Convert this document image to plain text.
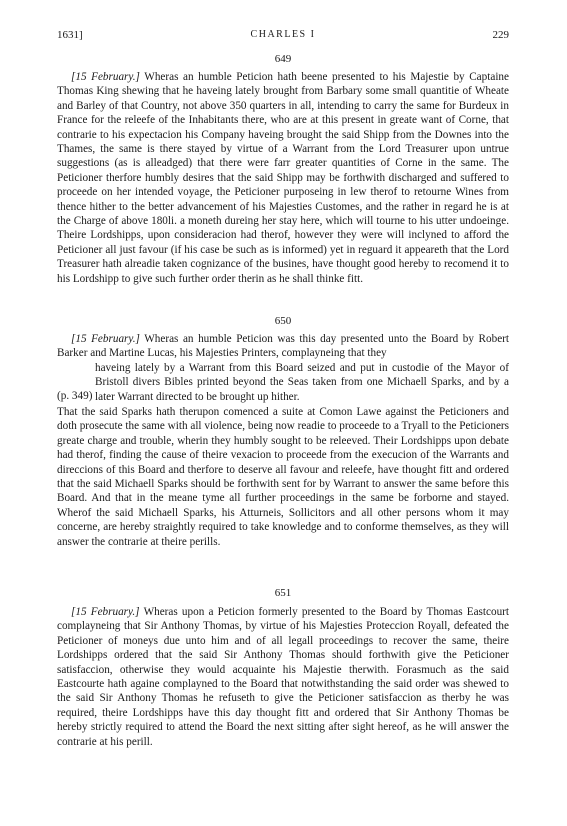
1631]	CHARLES I	229
649

[15 February.] Wheras an humble Peticion hath beene presented to his Majestie by Captaine Thomas King shewing that he haveing lately brought from Barbary some small quantitie of Wheate and Barley of that Country, not above 350 quarters in all, intending to carry the same for Burdeux in France for the releefe of the Inhabitants there, who are at this present in greate want of Corne, that contrarie to his expectacion his Company haveing brought the said Shipp from the Downes into the Thames, the same is there stayed by virtue of a Warrant from the Lord Treasurer upon untrue suggestions (as is alleadged) that there were farr greater quantities of Corne in the same. The Peticioner therfore humbly desires that the said Shipp may be forthwith discharged and suffered to proceede on her intended voyage, the Peticioner purposeing in lew therof to retourne Wines from thence hither to the better advancement of his Majesties Customes, and the rather in regard he is at the Charge of above 180li. a moneth dureing her stay here, which will tourne to his utter undoeinge. Theire Lordshipps, upon consideracion had therof, however they were will inclyned to afford the Peticioner all just favour (if his case be such as is informed) yet in reguard it appeareth that the Lord Treasurer hath alreadie taken cognizance of the busines, have thought good hereby to recomend it to his Lordshipp to give such further order therin as he shall thinke fitt.

650

[15 February.] Wheras an humble Peticion was this day presented unto the Board by Robert Barker and Martine Lucas, his Majesties Printers, complayneing that they

(p. 349)

haveing lately by a Warrant from this Board seized and put in custodie of the Mayor of Bristoll divers Bibles printed beyond the Seas taken from one Michaell Sparks, and by a later Warrant directed to be brought up hither.

That the said Sparks hath therupon comenced a suite at Comon Lawe against the Peticioners and doth prosecute the same with all violence, being now readie to proceede to a Tryall to the Peticioners greate charge and trouble, wherin they humbly sought to be releeved. Their Lordshipps upon debate had therof, finding the cause of theire vexacion to proceede from the execucion of the Warrants and direccions of this Board and therfore to deserve all favour and releefe, have thought fitt and ordered that the said Michaell Sparks should be forthwith sent for by Warrant to answer the same before this Board. And that in the meane tyme all further proceedings in the same be forborne and stayed. Wherof the said Michaell Sparks, his Atturneis, Sollicitors and all other persons whom it may concerne, are hereby straightly required to take knowledge and to conforme themselves, as they will answer the contrarie at theire perills.

651

[15 February.] Wheras upon a Peticion formerly presented to the Board by Thomas Eastcourt complayneing that Sir Anthony Thomas, by virtue of his Majesties Proteccion Royall, defeated the Peticioner of moneys due unto him and of all legall proceedings to recover the same, theire Lordshipps ordered that the said Sir Anthony Thomas should forthwith give the Peticioner satisfaccion, otherwise they would acquainte his Majestie therwith. Forasmuch as the said Eastcourte hath againe complayned to the Board that notwithstanding the said order was shewed to the said Sir Anthony Thomas he refuseth to give the Peticioner satisfaccion as therby he was required, theire Lordshipps have this day thought fitt and ordered that Sir Anthony Thomas be hereby strictly required to attend the Board the next sitting after sight hereof, as he will answer the contrarie at his perill.
